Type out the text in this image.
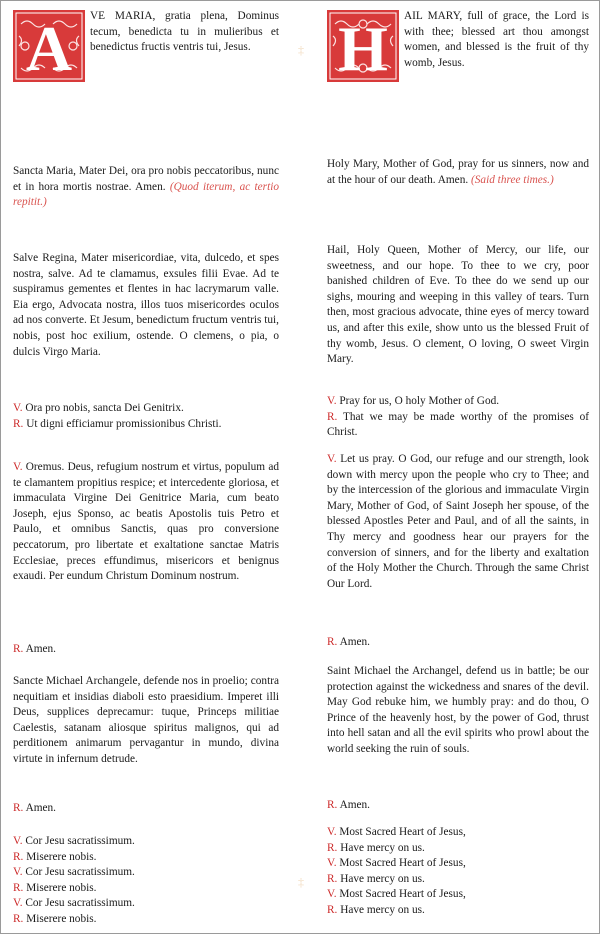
‡
‡
A	VE MARIA, gratia plena, Dominus tecum, benedicta tu in mulieribus et benedictus fructis ventris tui, Jesus.

Sancta Maria, Mater Dei, ora pro nobis peccatoribus, nunc et in hora mortis nostrae. Amen. (Quod iterum, ac tertio repitit.)

Salve Regina, Mater misericordiae, vita, dulcedo, et spes nostra, salve. Ad te clamamus, exsules filii Evae. Ad te suspiramus gementes et flentes in hac lacrymarum valle. Eia ergo, Advocata nostra, illos tuos misericordes oculos ad nos converte. Et Jesum, benedictum fructum ventris tui, nobis, post hoc exilium, ostende. O clemens, o pia, o dulcis Virgo Maria.

V. Ora pro nobis, sancta Dei Genitrix.

R. Ut digni efficiamur promissionibus Christi.

V. Oremus. Deus, refugium nostrum et virtus, populum ad te clamantem propitius respice; et intercedente gloriosa, et immaculata Virgine Dei Genitrice Maria, cum beato Joseph, ejus Sponso, ac beatis Apostolis tuis Petro et Paulo, et omnibus Sanctis, quas pro conversione peccatorum, pro libertate et exaltatione sanctae Matris Ecclesiae, preces effundimus, misericors et benignus exaudi. Per eundum Christum Dominum nostrum.

R. Amen.

Sancte Michael Archangele, defende nos in proelio; contra nequitiam et insidias diaboli esto praesidium. Imperet illi Deus, supplices deprecamur: tuque, Princeps militiae Caelestis, satanam aliosque spiritus malignos, qui ad perditionem animarum pervagantur in mundo, divina virtute in infernum detrude.

R. Amen.

V. Cor Jesu sacratissimum.

R. Miserere nobis.

V. Cor Jesu sacratissimum.

R. Miserere nobis.

V. Cor Jesu sacratissimum.

R. Miserere nobis.

H	AIL MARY, full of grace, the Lord is with thee; blessed art thou amongst women, and blessed is the fruit of thy womb, Jesus.

Holy Mary, Mother of God, pray for us sinners, now and at the hour of our death. Amen. (Said three times.)

Hail, Holy Queen, Mother of Mercy, our life, our sweetness, and our hope. To thee to we cry, poor banished children of Eve. To thee do we send up our sighs, mouring and weeping in this valley of tears. Turn then, most gracious advocate, thine eyes of mercy toward us, and after this exile, show unto us the blessed Fruit of thy womb, Jesus. O clement, O loving, O sweet Virgin Mary.

V. Pray for us, O holy Mother of God.

R. That we may be made worthy of the promises of Christ.

V. Let us pray. O God, our refuge and our strength, look down with mercy upon the people who cry to Thee; and by the intercession of the glorious and immaculate Virgin Mary, Mother of God, of Saint Joseph her spouse, of the blessed Apostles Peter and Paul, and of all the saints, in Thy mercy and goodness hear our prayers for the conversion of sinners, and for the liberty and exaltation of the Holy Mother the Church. Through the same Christ Our Lord.

R. Amen.

Saint Michael the Archangel, defend us in battle; be our protection against the wickedness and snares of the devil. May God rebuke him, we humbly pray: and do thou, O Prince of the heavenly host, by the power of God, thrust into hell satan and all the evil spirits who prowl about the world seeking the ruin of souls.

R. Amen.

V. Most Sacred Heart of Jesus,

R. Have mercy on us.

V. Most Sacred Heart of Jesus,

R. Have mercy on us.

V. Most Sacred Heart of Jesus,

R. Have mercy on us.
